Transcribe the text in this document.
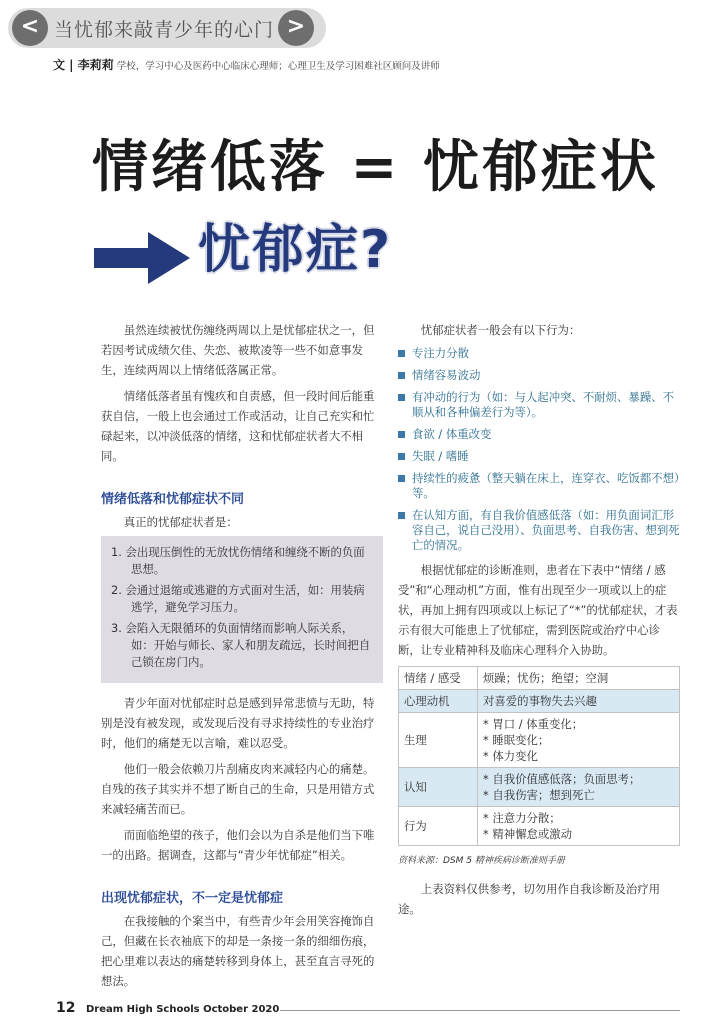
< 当忧郁来敲青少年的心门 >
文 | 李莉莉 学校，学习中心及医药中心临床心理师；心理卫生及学习困难社区顾问及讲师
情绪低落 = 忧郁症状
忧郁症?

虽然连续被忧伤缠绕两周以上是忧郁症状之一，但若因考试成绩欠佳、失恋、被欺凌等一些不如意事发生，连续两周以上情绪低落属正常。

情绪低落者虽有愧疚和自责感，但一段时间后能重获自信，一般上也会通过工作或活动，让自己充实和忙碌起来，以冲淡低落的情绪，这和忧郁症状者大不相同。

情绪低落和忧郁症状不同
真正的忧郁症状者是：
1. 会出现压倒性的无放忧伤情绪和缠绕不断的负面思想。
2. 会通过退缩或逃避的方式面对生活，如：用装病逃学，避免学习压力。
3. 会陷入无限循环的负面情绪而影响人际关系，如：开始与师长、家人和朋友疏远，长时间把自己锁在房门内。

青少年面对忧郁症时总是感到异常悲愤与无助，特别是没有被发现，或发现后没有寻求持续性的专业治疗时，他们的痛楚无以言喻，难以忍受。

他们一般会依赖刀片刮痛皮肉来减轻内心的痛楚。自残的孩子其实并不想了断自己的生命，只是用错方式来减轻痛苦而已。

而面临绝望的孩子，他们会以为自杀是他们当下唯一的出路。据调查，这都与“青少年忧郁症”相关。

出现忧郁症状，不一定是忧郁症

在我接触的个案当中，有些青少年会用笑容掩饰自己，但藏在长衣袖底下的却是一条接一条的细细伤痕，把心里难以表达的痛楚转移到身体上，甚至直言寻死的想法。

忧郁症状者一般会有以下行为：
专注力分散
情绪容易波动
有冲动的行为（如：与人起冲突、不耐烦、暴躁、不顺从和各种偏差行为等）。
食欲 / 体重改变
失眠 / 嗜睡
持续性的疲惫（整天躺在床上，连穿衣、吃饭都不想）等。
在认知方面，有自我价值感低落（如：用负面词汇形容自己，说自己没用）、负面思考、自我伤害、想到死亡的情况。

根据忧郁症的诊断准则，患者在下表中“情绪 / 感受”和“心理动机”方面，惟有出现至少一项或以上的症状，再加上拥有四项或以上标记了“*”的忧郁症状，才表示有很大可能患上了忧郁症，需到医院或治疗中心诊断，让专业精神科及临床心理科介入协助。

情绪 / 感受	烦躁；忧伤；绝望；空洞

心理动机	对喜爱的事物失去兴趣

生理	* 胃口 / 体重变化；
* 睡眠变化；
* 体力变化

认知	* 自我价值感低落；负面思考；
* 自我伤害；想到死亡

行为	* 注意力分散；
* 精神懈怠或激动
资料来源：DSM 5 精神疾病诊断准则手册

上表资料仅供参考，切勿用作自我诊断及治疗用途。

12 Dream High Schools October 2020
